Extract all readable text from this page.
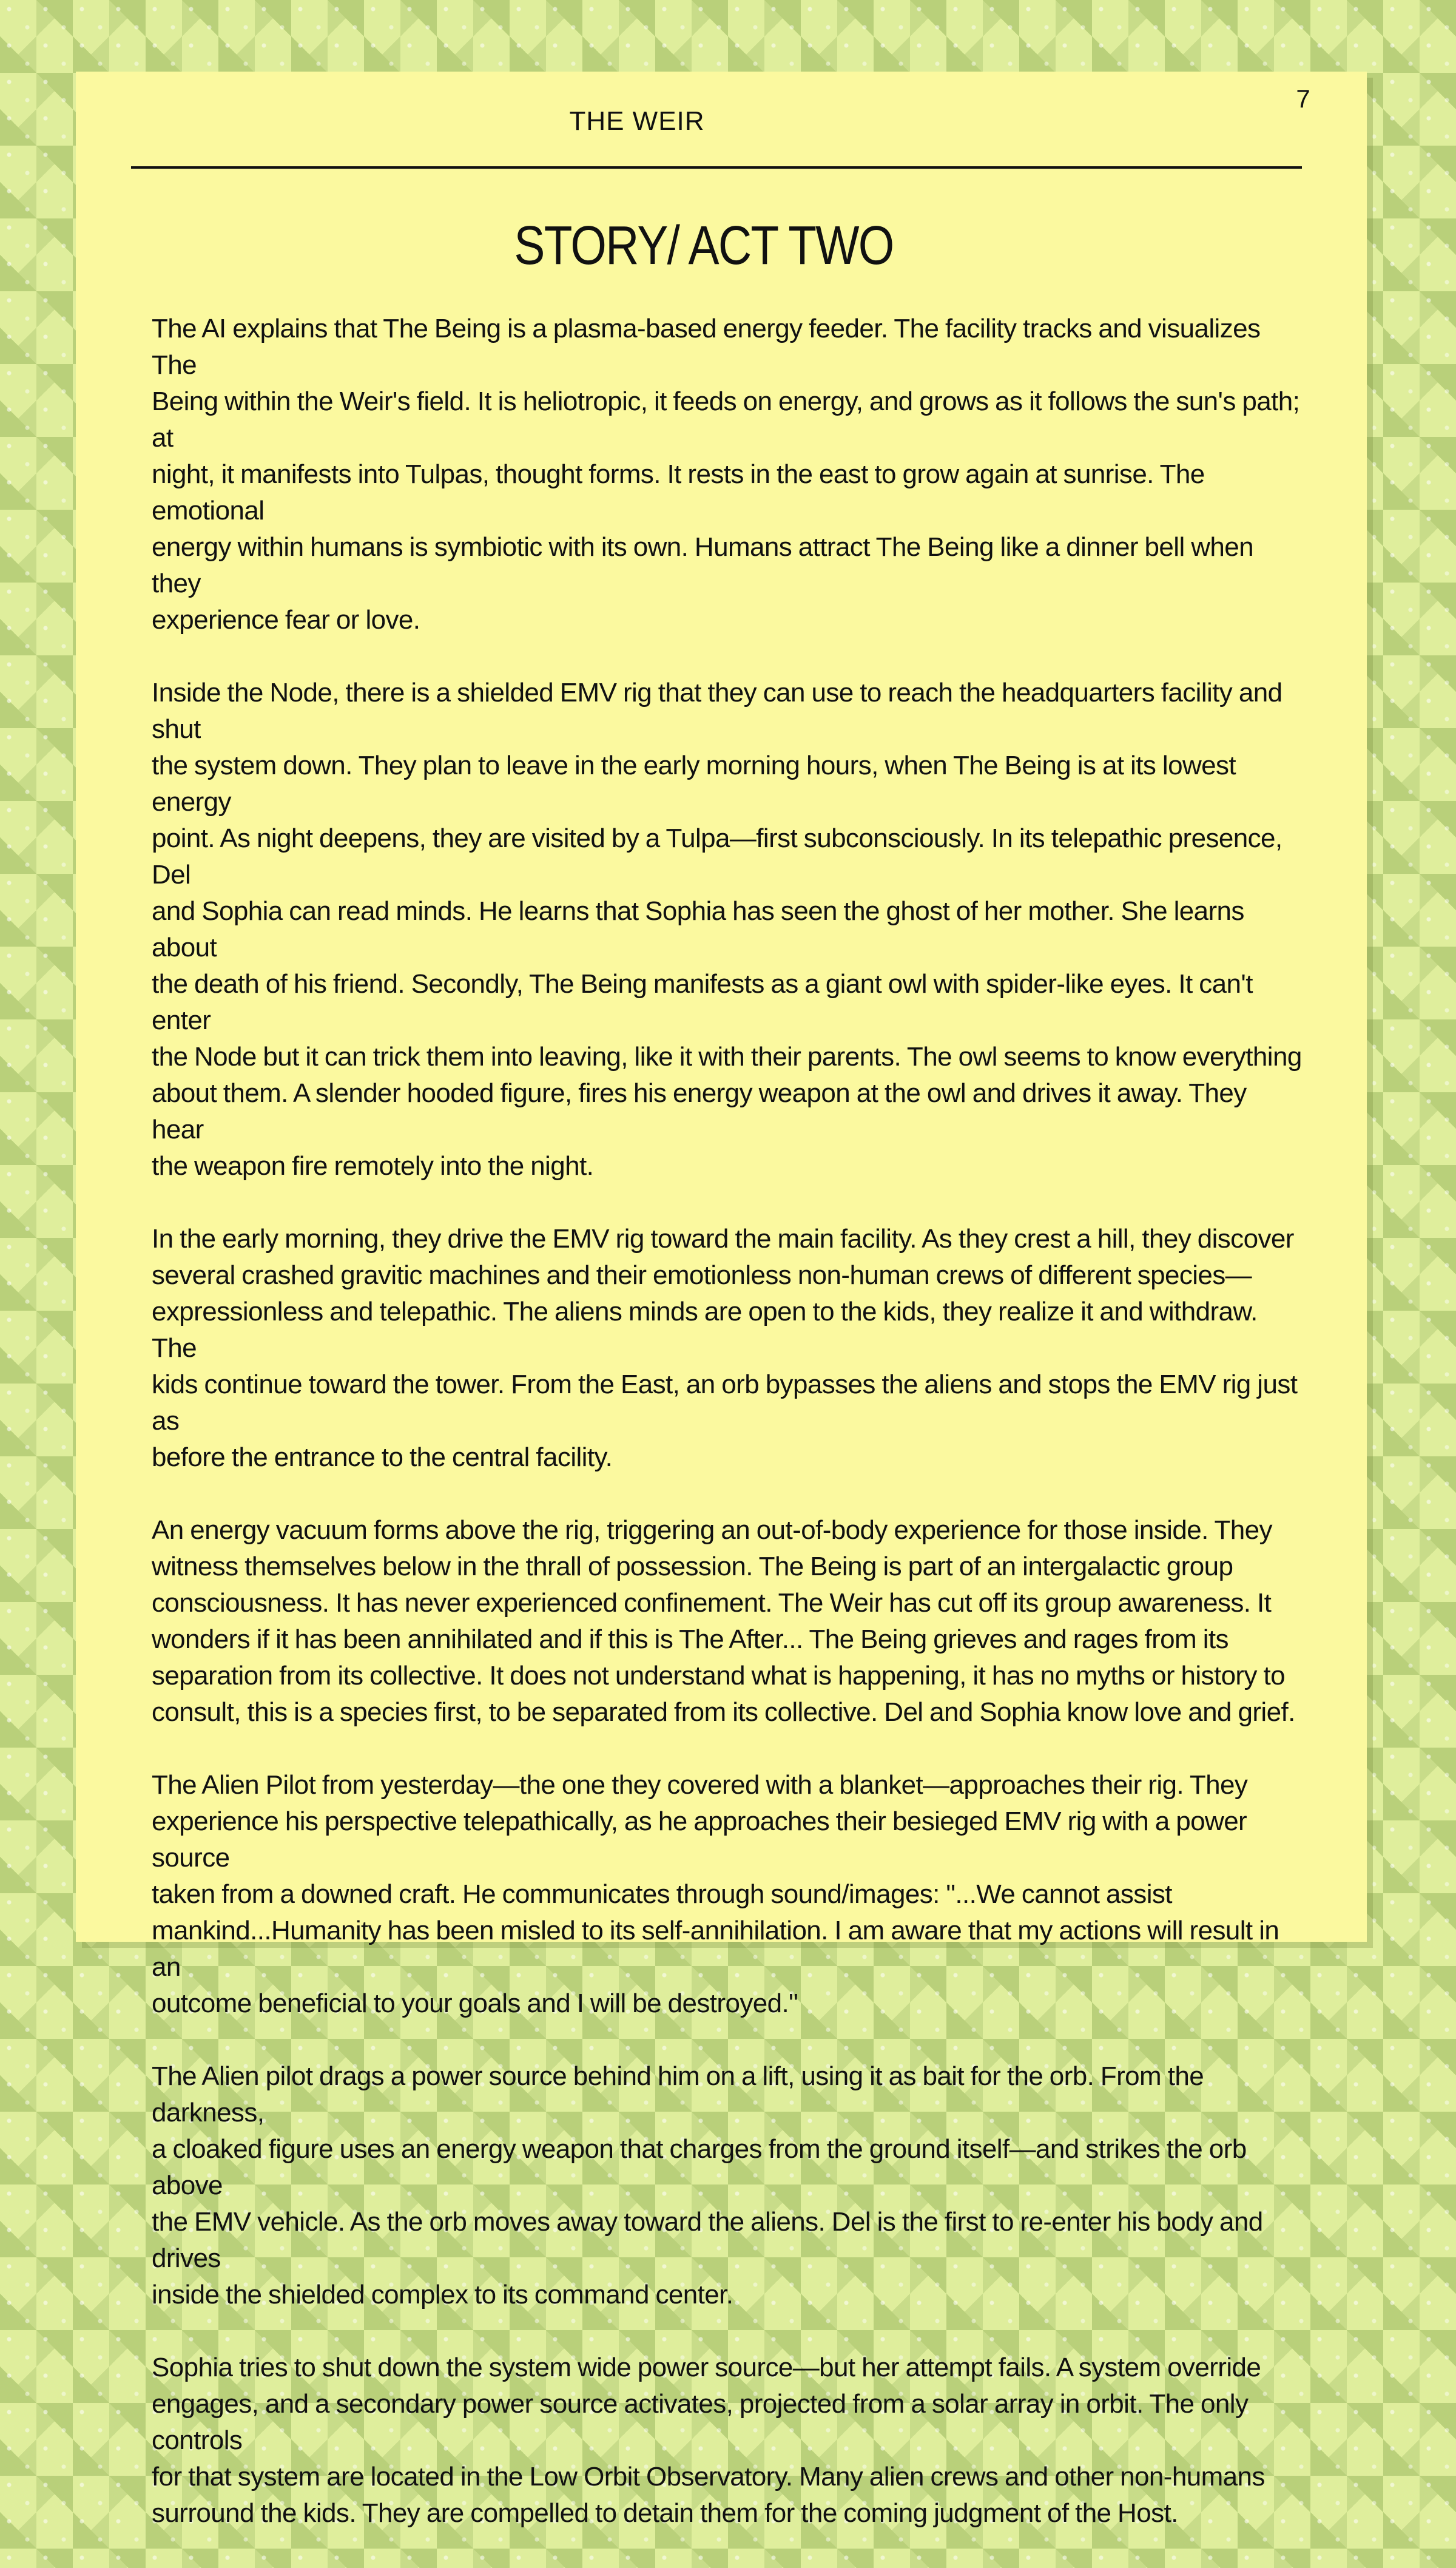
THE WEIR
7
STORY/ ACT TWO

The AI explains that The Being is a plasma-based energy feeder. The facility tracks and visualizes The
Being within the Weir's field. It is heliotropic, it feeds on energy, and grows as it follows the sun's path; at
night, it manifests into Tulpas, thought forms. It rests in the east to grow again at sunrise. The emotional
energy within humans is symbiotic with its own. Humans attract The Being like a dinner bell when they
experience fear or love.

Inside the Node, there is a shielded EMV rig that they can use to reach the headquarters facility and shut
the system down. They plan to leave in the early morning hours, when The Being is at its lowest energy
point. As night deepens, they are visited by a Tulpa—first subconsciously. In its telepathic presence, Del
and Sophia can read minds. He learns that Sophia has seen the ghost of her mother. She learns about
the death of his friend. Secondly, The Being manifests as a giant owl with spider-like eyes. It can't enter
the Node but it can trick them into leaving, like it with their parents. The owl seems to know everything
about them. A slender hooded figure, fires his energy weapon at the owl and drives it away. They hear
the weapon fire remotely into the night.

In the early morning, they drive the EMV rig toward the main facility. As they crest a hill, they discover
several crashed gravitic machines and their emotionless non-human crews of different species—
expressionless and telepathic. The aliens minds are open to the kids, they realize it and withdraw. The
kids continue toward the tower. From the East, an orb bypasses the aliens and stops the EMV rig just as
before the entrance to the central facility.

An energy vacuum forms above the rig, triggering an out-of-body experience for those inside. They
witness themselves below in the thrall of possession. The Being is part of an intergalactic group
consciousness. It has never experienced confinement. The Weir has cut off its group awareness. It
wonders if it has been annihilated and if this is The After... The Being grieves and rages from its
separation from its collective. It does not understand what is happening, it has no myths or history to
consult, this is a species first, to be separated from its collective. Del and Sophia know love and grief.

The Alien Pilot from yesterday—the one they covered with a blanket—approaches their rig. They
experience his perspective telepathically, as he approaches their besieged EMV rig with a power source
taken from a downed craft. He communicates through sound/images: "...We cannot assist
mankind...Humanity has been misled to its self-annihilation. I am aware that my actions will result in an
outcome beneficial to your goals and I will be destroyed."

The Alien pilot drags a power source behind him on a lift, using it as bait for the orb. From the darkness,
a cloaked figure uses an energy weapon that charges from the ground itself—and strikes the orb above
the EMV vehicle. As the orb moves away toward the aliens. Del is the first to re-enter his body and drives
inside the shielded complex to its command center.

Sophia tries to shut down the system wide power source—but her attempt fails. A system override
engages, and a secondary power source activates, projected from a solar array in orbit. The only controls
for that system are located in the Low Orbit Observatory. Many alien crews and other non-humans
surround the kids. They are compelled to detain them for the coming judgment of the Host.
